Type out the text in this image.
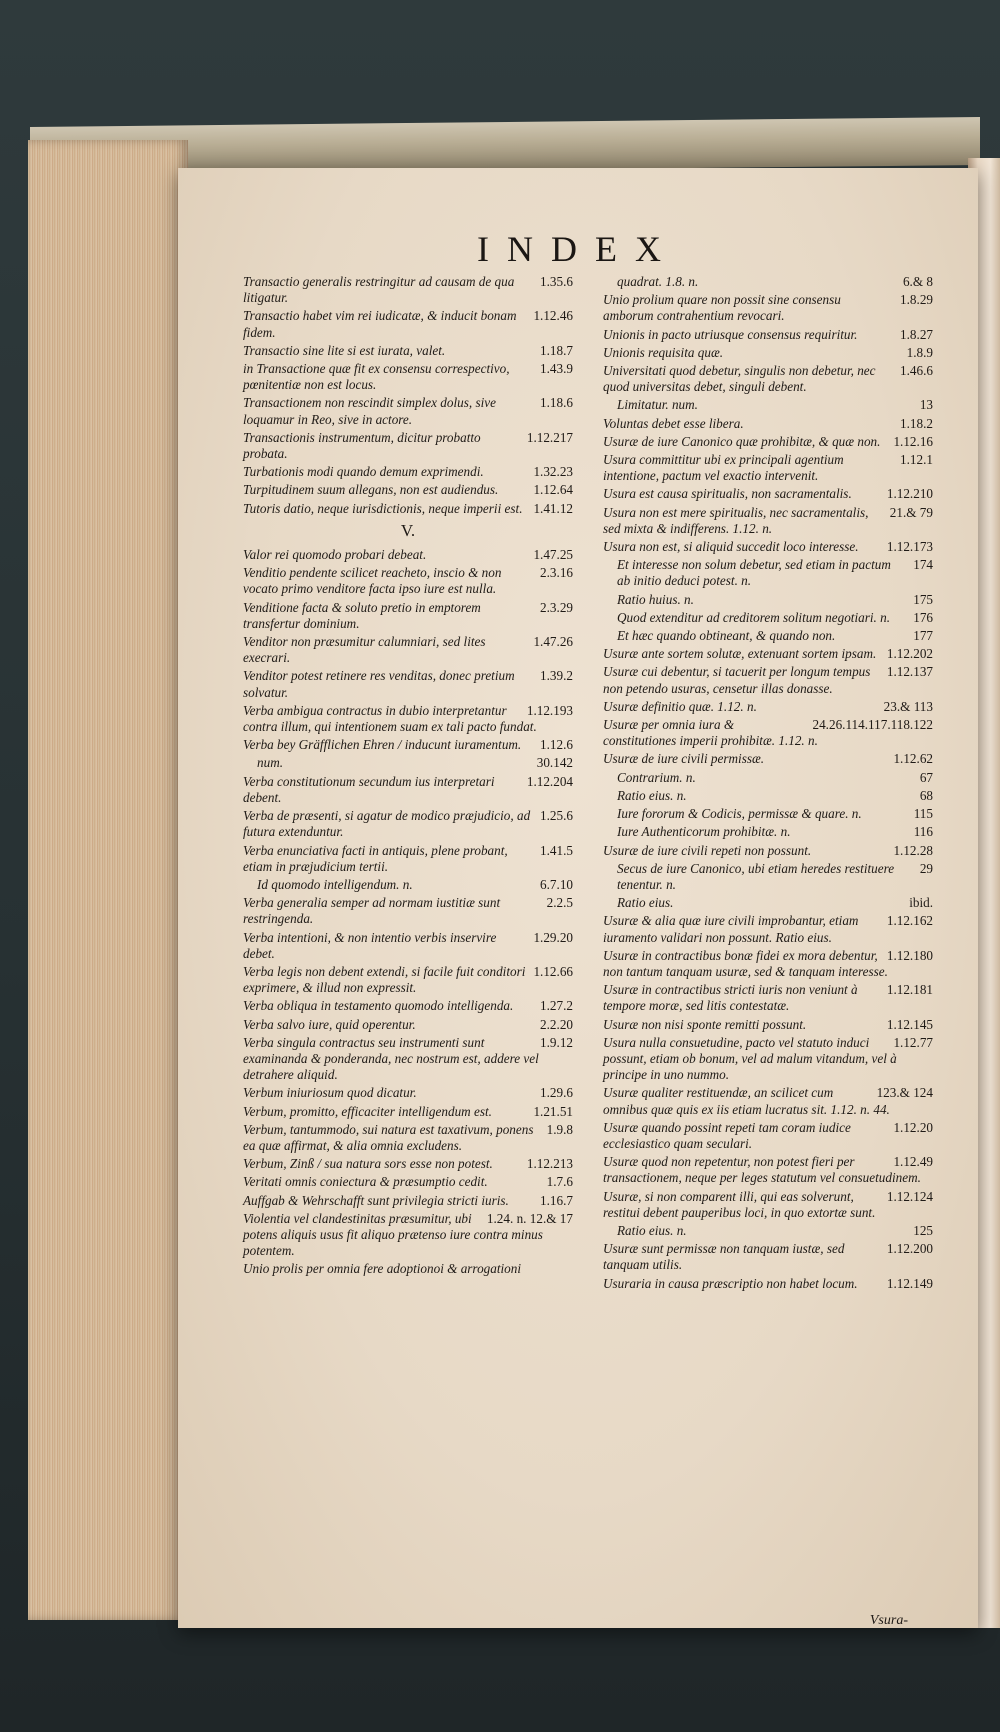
INDEX
1.35.6
Transactio generalis restringitur ad causam de qua litigatur.
1.12.46
Transactio habet vim rei iudicatæ, & inducit bonam fidem.
1.18.7
Transactio sine lite si est iurata, valet.
1.43.9
in Transactione quæ fit ex consensu correspectivo, pœnitentiæ non est locus.
1.18.6
Transactionem non rescindit simplex dolus, sive loquamur in Reo, sive in actore.
1.12.217
Transactionis instrumentum, dicitur probatto probata.
1.32.23
Turbationis modi quando demum exprimendi.
1.12.64
Turpitudinem suum allegans, non est audiendus.
1.41.12
Tutoris datio, neque iurisdictionis, neque imperii est.
V.
1.47.25
Valor rei quomodo probari debeat.
2.3.16
Venditio pendente scilicet reacheto, inscio & non vocato primo venditore facta ipso iure est nulla.
2.3.29
Venditione facta & soluto pretio in emptorem transfertur dominium.
1.47.26
Venditor non præsumitur calumniari, sed lites execrari.
1.39.2
Venditor potest retinere res venditas, donec pretium solvatur.
1.12.193
Verba ambigua contractus in dubio interpretantur contra illum, qui intentionem suam ex tali pacto fundat.
1.12.6
Verba bey Gräfflichen Ehren / inducunt iuramentum.
30.142
num.
1.12.204
Verba constitutionum secundum ius interpretari debent.
1.25.6
Verba de præsenti, si agatur de modico præjudicio, ad futura extenduntur.
1.41.5
Verba enunciativa facti in antiquis, plene probant, etiam in præjudicium tertii.
6.7.10
Id quomodo intelligendum. n.
2.2.5
Verba generalia semper ad normam iustitiæ sunt restringenda.
1.29.20
Verba intentioni, & non intentio verbis inservire debet.
1.12.66
Verba legis non debent extendi, si facile fuit conditori exprimere, & illud non expressit.
1.27.2
Verba obliqua in testamento quomodo intelligenda.
2.2.20
Verba salvo iure, quid operentur.
1.9.12
Verba singula contractus seu instrumenti sunt examinanda & ponderanda, nec nostrum est, addere vel detrahere aliquid.
1.29.6
Verbum iniuriosum quod dicatur.
1.21.51
Verbum, promitto, efficaciter intelligendum est.
1.9.8
Verbum, tantummodo, sui natura est taxativum, ponens ea quæ affirmat, & alia omnia excludens.
1.12.213
Verbum, Zinß / sua natura sors esse non potest.
1.7.6
Veritati omnis coniectura & præsumptio cedit.
1.16.7
Auffgab & Wehrschafft sunt privilegia stricti iuris.
1.24. n. 12.& 17
Violentia vel clandestinitas præsumitur, ubi potens aliquis usus fit aliquo prætenso iure contra minus potentem.
Unio prolis per omnia fere adoptionoi & arrogationi
6.& 8
quadrat. 1.8. n.
1.8.29
Unio prolium quare non possit sine consensu amborum contrahentium revocari.
1.8.27
Unionis in pacto utriusque consensus requiritur.
1.8.9
Unionis requisita quæ.
1.46.6
Universitati quod debetur, singulis non debetur, nec quod universitas debet, singuli debent.
13
Limitatur. num.
1.18.2
Voluntas debet esse libera.
1.12.16
Usuræ de iure Canonico quæ prohibitæ, & quæ non.
1.12.1
Usura committitur ubi ex principali agentium intentione, pactum vel exactio intervenit.
1.12.210
Usura est causa spiritualis, non sacramentalis.
21.& 79
Usura non est mere spiritualis, nec sacramentalis, sed mixta & indifferens. 1.12. n.
1.12.173
Usura non est, si aliquid succedit loco interesse.
174
Et interesse non solum debetur, sed etiam in pactum ab initio deduci potest. n.
175
Ratio huius. n.
176
Quod extenditur ad creditorem solitum negotiari. n.
177
Et hæc quando obtineant, & quando non.
1.12.202
Usuræ ante sortem solutæ, extenuant sortem ipsam.
1.12.137
Usuræ cui debentur, si tacuerit per longum tempus non petendo usuras, censetur illas donasse.
23.& 113
Usuræ definitio quæ. 1.12. n.
24.26.114.117.118.122
Usuræ per omnia iura & constitutiones imperii prohibitæ. 1.12. n.
1.12.62
Usuræ de iure civili permissæ.
67
Contrarium. n.
68
Ratio eius. n.
115
Iure fororum & Codicis, permissæ & quare. n.
116
Iure Authenticorum prohibitæ. n.
1.12.28
Usuræ de iure civili repeti non possunt.
29
Secus de iure Canonico, ubi etiam heredes restituere tenentur. n.
ibid.
Ratio eius.
1.12.162
Usuræ & alia quæ iure civili improbantur, etiam iuramento validari non possunt. Ratio eius.
1.12.180
Usuræ in contractibus bonæ fidei ex mora debentur, non tantum tanquam usuræ, sed & tanquam interesse.
1.12.181
Usuræ in contractibus stricti iuris non veniunt à tempore moræ, sed litis contestatæ.
1.12.145
Usuræ non nisi sponte remitti possunt.
1.12.77
Usura nulla consuetudine, pacto vel statuto induci possunt, etiam ob bonum, vel ad malum vitandum, vel à principe in uno nummo.
123.& 124
Usuræ qualiter restituendæ, an scilicet cum omnibus quæ quis ex iis etiam lucratus sit. 1.12. n. 44.
1.12.20
Usuræ quando possint repeti tam coram iudice ecclesiastico quam seculari.
1.12.49
Usuræ quod non repetentur, non potest fieri per transactionem, neque per leges statutum vel consuetudinem.
1.12.124
Usuræ, si non comparent illi, qui eas solverunt, restitui debent pauperibus loci, in quo extortæ sunt.
125
Ratio eius. n.
1.12.200
Usuræ sunt permissæ non tanquam iustæ, sed tanquam utilis.
1.12.149
Usuraria in causa præscriptio non habet locum.
Vsura-
